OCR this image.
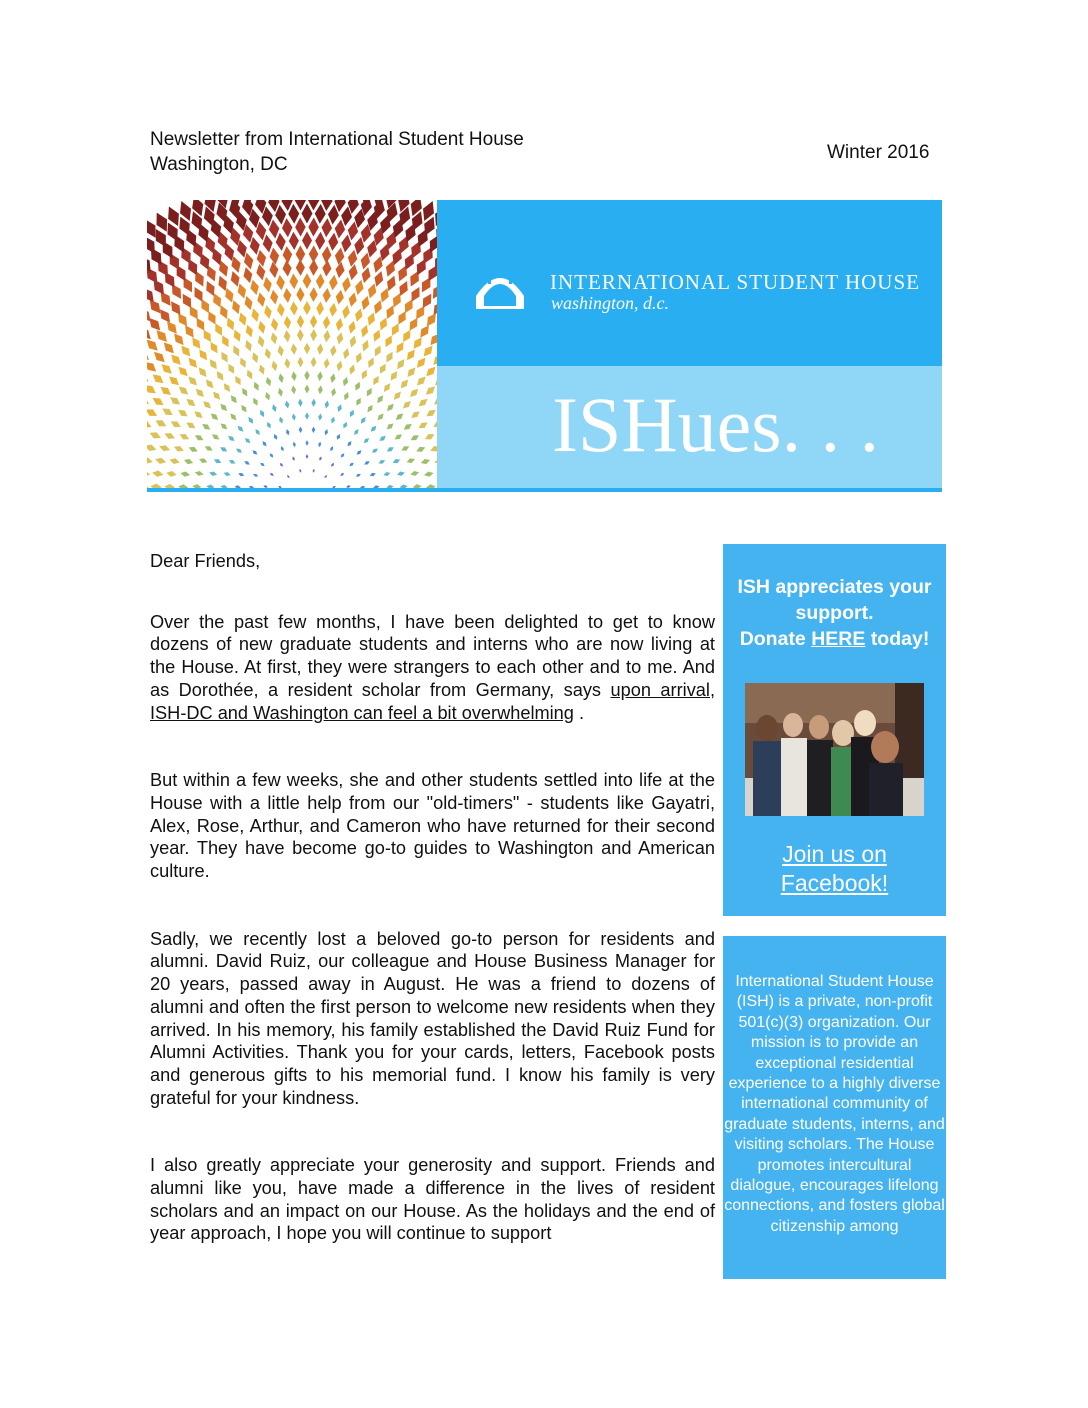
Newsletter from International Student House
Washington, DC
Winter 2016
INTERNATIONAL STUDENT HOUSE
washington, d.c.
ISHues. . .

Dear Friends,

Over the past few months, I have been delighted to get to know dozens of new graduate students and interns who are now living at the House. At first, they were strangers to each other and to me. And as Dorothée, a resident scholar from Germany, says upon arrival, ISH-DC and Washington can feel a bit overwhelming .

But within a few weeks, she and other students settled into life at the House with a little help from our "old-timers" - students like Gayatri, Alex, Rose, Arthur, and Cameron who have returned for their second year. They have become go-to guides to Washington and American culture.

Sadly, we recently lost a beloved go-to person for residents and alumni. David Ruiz, our colleague and House Business Manager for 20 years, passed away in August. He was a friend to dozens of alumni and often the first person to welcome new residents when they arrived. In his memory, his family established the David Ruiz Fund for Alumni Activities. Thank you for your cards, letters, Facebook posts and generous gifts to his memorial fund. I know his family is very grateful for your kindness.

I also greatly appreciate your generosity and support. Friends and alumni like you, have made a difference in the lives of resident scholars and an impact on our House. As the holidays and the end of year approach, I hope you will continue to support

ISH appreciates your support.
Donate HERE today!
Join us on
Facebook!
International Student House (ISH) is a private, non-profit 501(c)(3) organization. Our mission is to provide an exceptional residential experience to a highly diverse international community of graduate students, interns, and visiting scholars. The House promotes intercultural dialogue, encourages lifelong connections, and fosters global citizenship among
